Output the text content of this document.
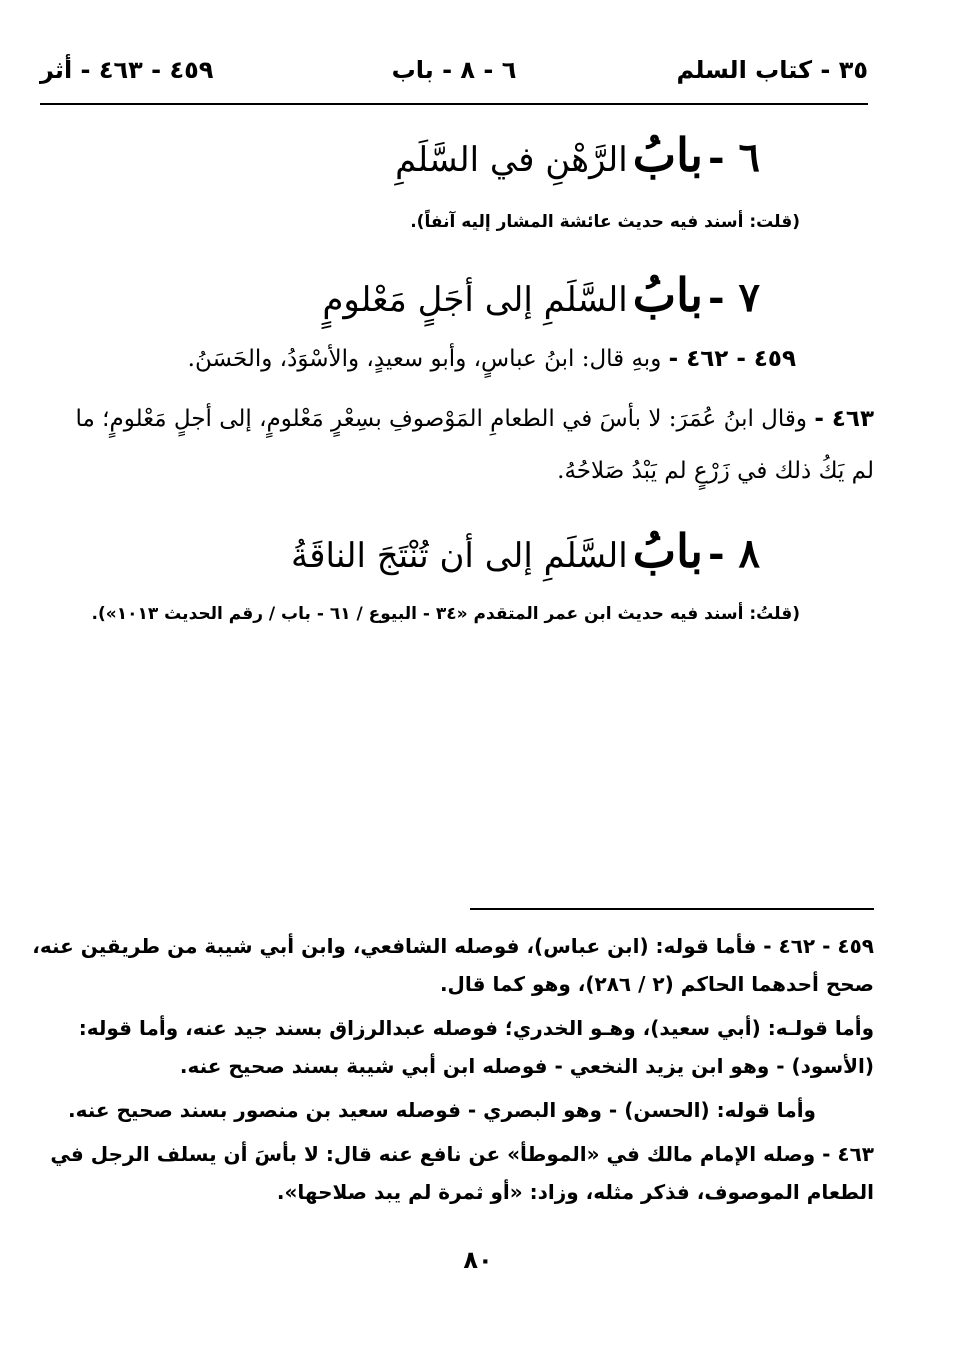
٣٥ - كتاب السلم
٦ - ٨ - باب
٤٥٩ - ٤٦٣ - أثر
٦ - بابُ الرَّهْنِ في السَّلَمِ
(قلت: أسند فيه حديث عائشة المشار إليه آنفاً).
٧ - بابُ السَّلَمِ إلى أجَلٍ مَعْلومٍ
٤٥٩ - ٤٦٢ - وبهِ قال: ابنُ عباسٍ، وأبو سعيدٍ، والأسْوَدُ، والحَسَنُ.
٤٦٣ - وقال ابنُ عُمَرَ: لا بأسَ في الطعامِ المَوْصوفِ بسِعْرٍ مَعْلومٍ، إلى أجلٍ مَعْلومٍ؛ ما
لم يَكُ ذلك في زَرْعٍ لم يَبْدُ صَلاحُهُ.
٨ - بابُ السَّلَمِ إلى أن تُنْتَجَ الناقَةُ
(قلتُ: أسند فيه حديث ابن عمر المتقدم «٣٤ - البيوع / ٦١ - باب / رقم الحديث ١٠١٣»).
٤٥٩ - ٤٦٢ - فأما قوله: (ابن عباس)، فوصله الشافعي، وابن أبي شيبة من طريقين عنه،
صحح أحدهما الحاكم (٢ / ٢٨٦)، وهو كما قال.
وأما قولـه: (أبي سعيد)، وهـو الخدري؛ فوصله عبدالرزاق بسند جيد عنه، وأما قوله:
(الأسود) - وهو ابن يزيد النخعي - فوصله ابن أبي شيبة بسند صحيح عنه.
وأما قوله: (الحسن) - وهو البصري - فوصله سعيد بن منصور بسند صحيح عنه.
٤٦٣ - وصله الإمام مالك في «الموطأ» عن نافع عنه قال: لا بأسَ أن يسلف الرجل في
الطعام الموصوف، فذكر مثله، وزاد: «أو ثمرة لم يبد صلاحها».
٨٠
